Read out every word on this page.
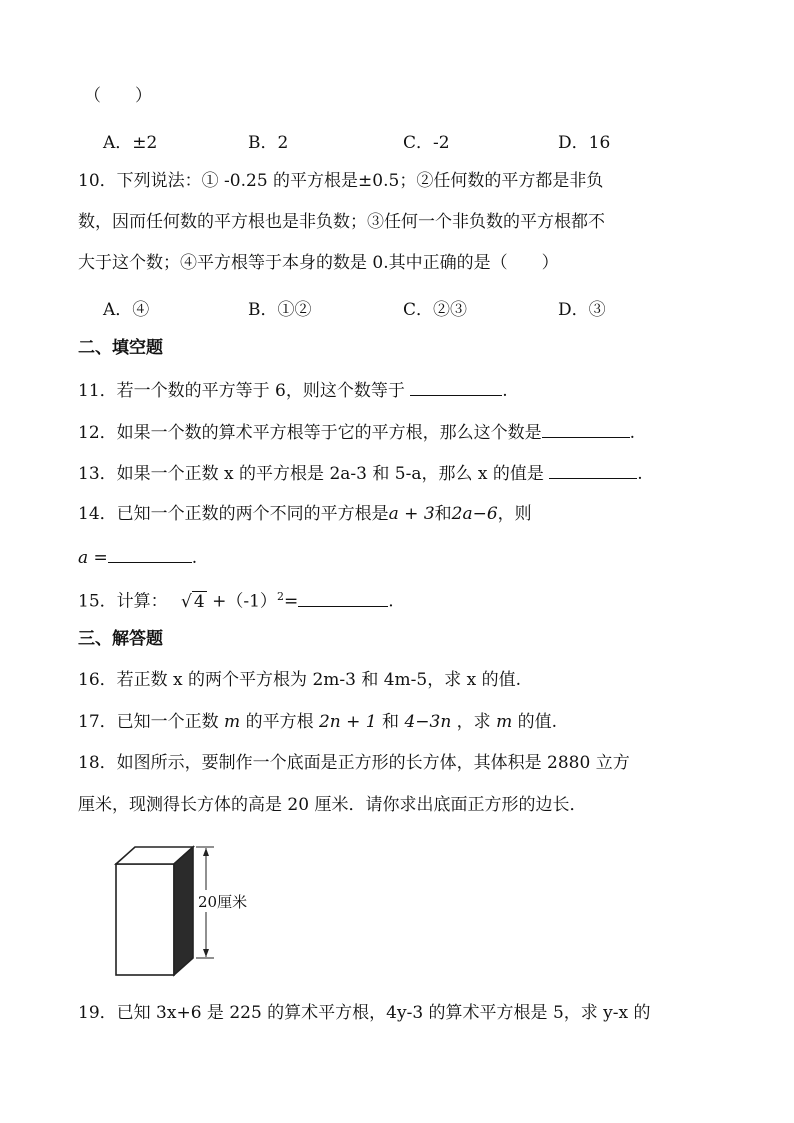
（　　）
A．±2	B．2	C．-2	D．16
10．下列说法：① -0.25 的平方根是±0.5；②任何数的平方都是非负
数，因而任何数的平方根也是非负数；③任何一个非负数的平方根都不
大于这个数；④平方根等于本身的数是 0.其中正确的是（　　）
A．④	B．①②	C．②③	D．③
二、填空题
11．若一个数的平方等于 6，则这个数等于	.
12．如果一个数的算术平方根等于它的平方根，那么这个数是	.
13．如果一个正数 x 的平方根是 2a-3 和 5-a，那么 x 的值是	.
14．已知一个正数的两个不同的平方根是a + 3和2a−6，则
a =	.
15．计算： √ $4 +(-1)^2=$	.
三、解答题
16．若正数 x 的两个平方根为 2m-3 和 4m-5，求 x 的值.
17．已知一个正数 m 的平方根 2n + 1 和 4−3n ，求 m 的值.
18．如图所示，要制作一个底面是正方形的长方体，其体积是 2880 立方
厘米，现测得长方体的高是 20 厘米．请你求出底面正方形的边长．
20厘米
19．已知 3x+6 是 225 的算术平方根，4y-3 的算术平方根是 5，求 y-x 的
